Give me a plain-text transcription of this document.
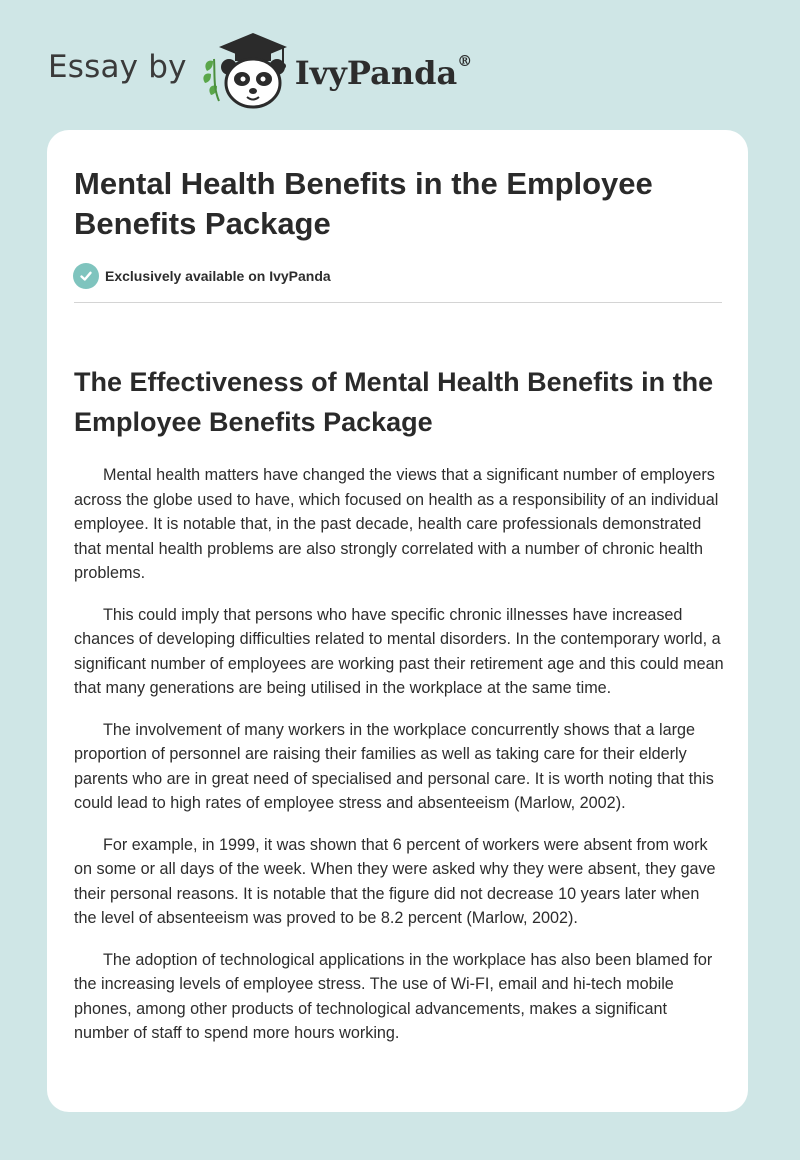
Essay by	IvyPanda®
Mental Health Benefits in the Employee Benefits Package
Exclusively available on IvyPanda
The Effectiveness of Mental Health Benefits in the Employee Benefits Package

Mental health matters have changed the views that a significant number of employers across the globe used to have, which focused on health as a responsibility of an individual employee. It is notable that, in the past decade, health care professionals demonstrated that mental health problems are also strongly correlated with a number of chronic health problems.

This could imply that persons who have specific chronic illnesses have increased chances of developing difficulties related to mental disorders. In the contemporary world, a significant number of employees are working past their retirement age and this could mean that many generations are being utilised in the workplace at the same time.

The involvement of many workers in the workplace concurrently shows that a large proportion of personnel are raising their families as well as taking care for their elderly parents who are in great need of specialised and personal care. It is worth noting that this could lead to high rates of employee stress and absenteeism (Marlow, 2002).

For example, in 1999, it was shown that 6 percent of workers were absent from work on some or all days of the week. When they were asked why they were absent, they gave their personal reasons. It is notable that the figure did not decrease 10 years later when the level of absenteeism was proved to be 8.2 percent (Marlow, 2002).

The adoption of technological applications in the workplace has also been blamed for the increasing levels of employee stress. The use of Wi-FI, email and hi-tech mobile phones, among other products of technological advancements, makes a significant number of staff to spend more hours working.
